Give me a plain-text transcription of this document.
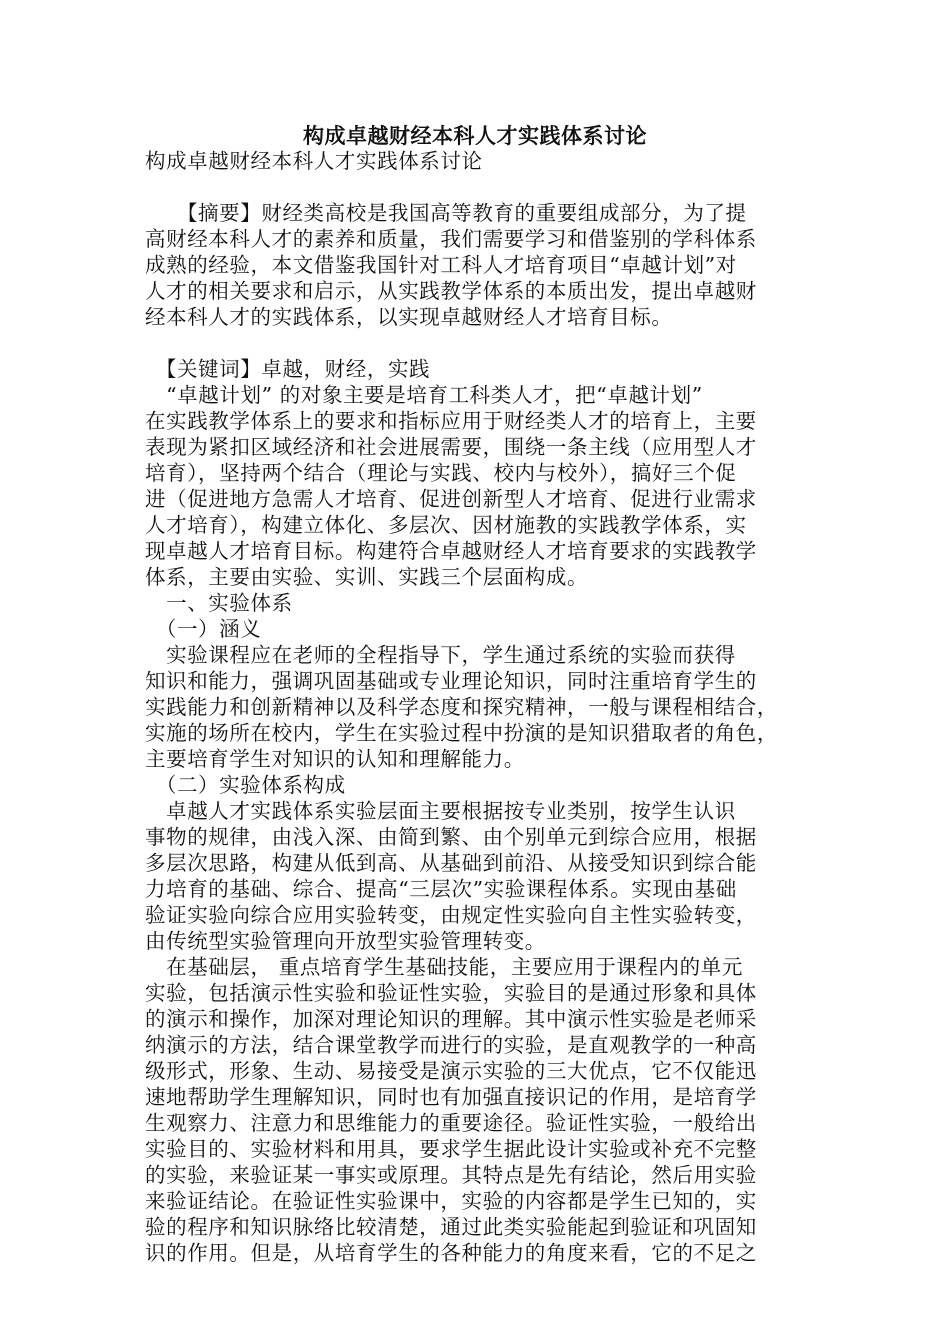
构成卓越财经本科人才实践体系讨论
构成卓越财经本科人才实践体系讨论
　　【摘要】财经类高校是我国高等教育的重要组成部分，为了提
高财经本科人才的素养和质量，我们需要学习和借鉴别的学科体系
成熟的经验，本文借鉴我国针对工科人才培育项目“卓越计划”对
人才的相关要求和启示，从实践教学体系的本质出发，提出卓越财
经本科人才的实践体系，以实现卓越财经人才培育目标。
　【关键词】卓越，财经，实践
　“卓越计划” 的对象主要是培育工科类人才，把“卓越计划”
在实践教学体系上的要求和指标应用于财经类人才的培育上，主要
表现为紧扣区域经济和社会进展需要，围绕一条主线（应用型人才
培育），坚持两个结合（理论与实践、校内与校外），搞好三个促
进（促进地方急需人才培育、促进创新型人才培育、促进行业需求
人才培育），构建立体化、多层次、因材施教的实践教学体系，实
现卓越人才培育目标。构建符合卓越财经人才培育要求的实践教学
体系，主要由实验、实训、实践三个层面构成。
　一、实验体系
　（一）涵义
　实验课程应在老师的全程指导下，学生通过系统的实验而获得
知识和能力，强调巩固基础或专业理论知识，同时注重培育学生的
实践能力和创新精神以及科学态度和探究精神，一般与课程相结合，
实施的场所在校内，学生在实验过程中扮演的是知识猎取者的角色，
主要培育学生对知识的认知和理解能力。
　（二）实验体系构成
　卓越人才实践体系实验层面主要根据按专业类别，按学生认识
事物的规律，由浅入深、由简到繁、由个别单元到综合应用，根据
多层次思路，构建从低到高、从基础到前沿、从接受知识到综合能
力培育的基础、综合、提高“三层次”实验课程体系。实现由基础
验证实验向综合应用实验转变，由规定性实验向自主性实验转变，
由传统型实验管理向开放型实验管理转变。
　在基础层， 重点培育学生基础技能，主要应用于课程内的单元
实验，包括演示性实验和验证性实验，实验目的是通过形象和具体
的演示和操作，加深对理论知识的理解。其中演示性实验是老师采
纳演示的方法，结合课堂教学而进行的实验，是直观教学的一种高
级形式，形象、生动、易接受是演示实验的三大优点，它不仅能迅
速地帮助学生理解知识，同时也有加强直接识记的作用，是培育学
生观察力、注意力和思维能力的重要途径。验证性实验，一般给出
实验目的、实验材料和用具，要求学生据此设计实验或补充不完整
的实验，来验证某一事实或原理。其特点是先有结论，然后用实验
来验证结论。在验证性实验课中，实验的内容都是学生已知的，实
验的程序和知识脉络比较清楚，通过此类实验能起到验证和巩固知
识的作用。但是，从培育学生的各种能力的角度来看，它的不足之
